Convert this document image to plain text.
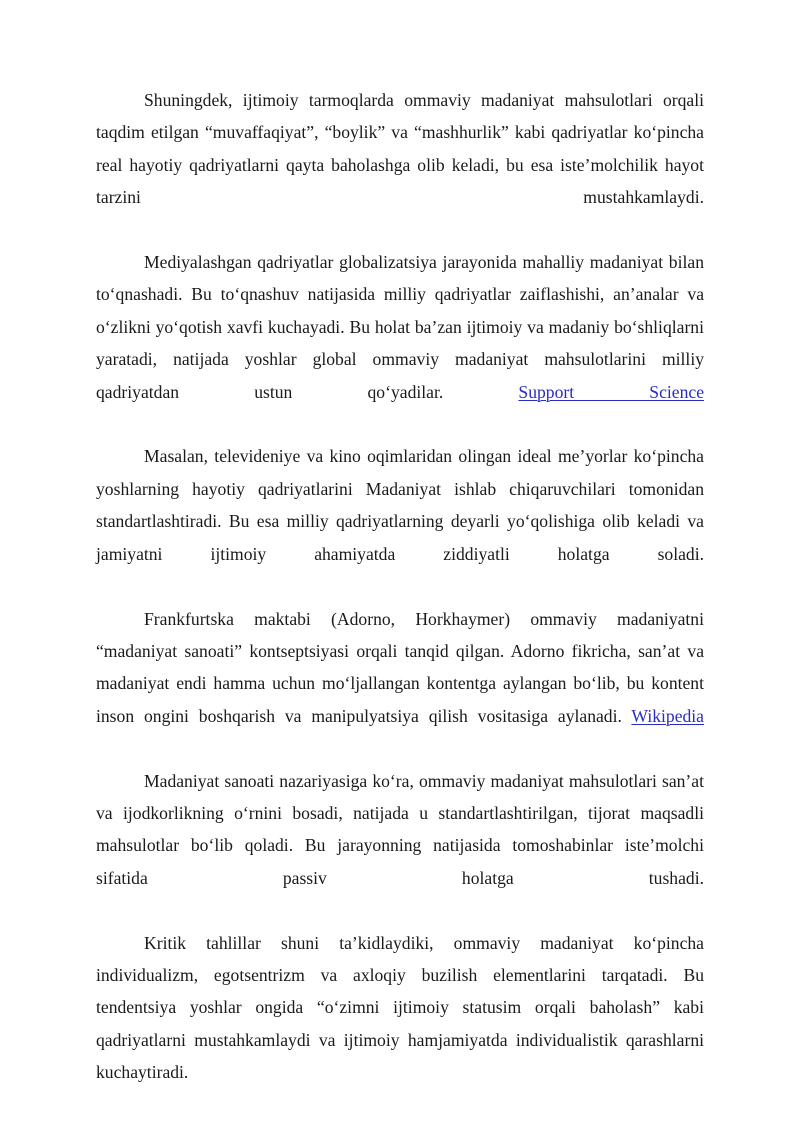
Shuningdek, ijtimoiy tarmoqlarda ommaviy madaniyat mahsulotlari orqali taqdim etilgan “muvaffaqiyat”, “boylik” va “mashhurlik” kabi qadriyatlar ko‘pincha real hayotiy qadriyatlarni qayta baholashga olib keladi, bu esa iste’molchilik hayot tarzini mustahkamlaydi.

Mediyalashgan qadriyatlar globalizatsiya jarayonida mahalliy madaniyat bilan to‘qnashadi. Bu to‘qnashuv natijasida milliy qadriyatlar zaiflashishi, an’analar va o‘zlikni yo‘qotish xavfi kuchayadi. Bu holat ba’zan ijtimoiy va madaniy bo‘shliqlarni yaratadi, natijada yoshlar global ommaviy madaniyat mahsulotlarini milliy qadriyatdan ustun qo‘yadilar. Support Science

Masalan, televideniye va kino oqimlaridan olingan ideal me’yorlar ko‘pincha yoshlarning hayotiy qadriyatlarini Madaniyat ishlab chiqaruvchilari tomonidan standartlashtiradi. Bu esa milliy qadriyatlarning deyarli yo‘qolishiga olib keladi va jamiyatni ijtimoiy ahamiyatda ziddiyatli holatga soladi.

Frankfurtska maktabi (Adorno, Horkhaymer) ommaviy madaniyatni “madaniyat sanoati” kontseptsiyasi orqali tanqid qilgan. Adorno fikricha, san’at va madaniyat endi hamma uchun mo‘ljallangan kontentga aylangan bo‘lib, bu kontent inson ongini boshqarish va manipulyatsiya qilish vositasiga aylanadi. Wikipedia

Madaniyat sanoati nazariyasiga ko‘ra, ommaviy madaniyat mahsulotlari san’at va ijodkorlikning o‘rnini bosadi, natijada u standartlashtirilgan, tijorat maqsadli mahsulotlar bo‘lib qoladi. Bu jarayonning natijasida tomoshabinlar iste’molchi sifatida passiv holatga tushadi.

Kritik tahlillar shuni ta’kidlaydiki, ommaviy madaniyat ko‘pincha individualizm, egotsentrizm va axloqiy buzilish elementlarini tarqatadi. Bu tendentsiya yoshlar ongida “o‘zimni ijtimoiy statusim orqali baholash” kabi qadriyatlarni mustahkamlaydi va ijtimoiy hamjamiyatda individualistik qarashlarni kuchaytiradi.
